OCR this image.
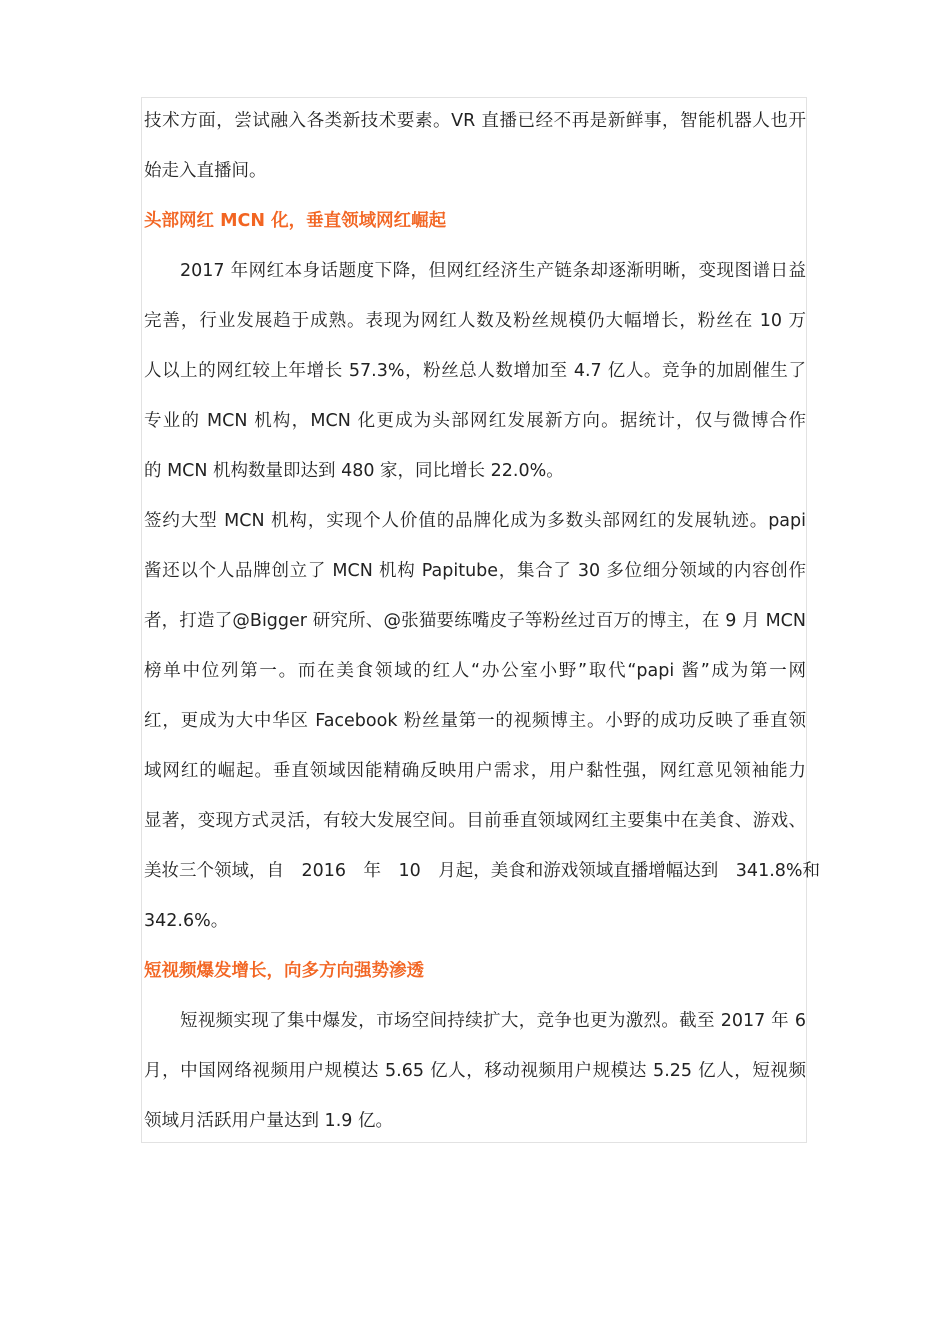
技术方面，尝试融入各类新技术要素。VR 直播已经不再是新鲜事，智能机器人也开
始走入直播间。
头部网红 MCN 化，垂直领域网红崛起
2017 年网红本身话题度下降，但网红经济生产链条却逐渐明晰，变现图谱日益
完善，行业发展趋于成熟。表现为网红人数及粉丝规模仍大幅增长，粉丝在 10 万
人以上的网红较上年增长 57.3%，粉丝总人数增加至 4.7 亿人。竞争的加剧催生了
专业的 MCN 机构，MCN 化更成为头部网红发展新方向。据统计，仅与微博合作
的 MCN 机构数量即达到 480 家，同比增长 22.0%。
签约大型 MCN 机构，实现个人价值的品牌化成为多数头部网红的发展轨迹。papi
酱还以个人品牌创立了 MCN 机构 Papitube，集合了 30 多位细分领域的内容创作
者，打造了@Bigger 研究所、@张猫要练嘴皮子等粉丝过百万的博主，在 9 月 MCN
榜单中位列第一。而在美食领域的红人“办公室小野”取代“papi 酱”成为第一网
红，更成为大中华区 Facebook 粉丝量第一的视频博主。小野的成功反映了垂直领
域网红的崛起。垂直领域因能精确反映用户需求，用户黏性强，网红意见领袖能力
显著，变现方式灵活，有较大发展空间。目前垂直领域网红主要集中在美食、游戏、
美妆三个领域，自　2016　年　10　月起，美食和游戏领域直播增幅达到　341.8%和
342.6%。
短视频爆发增长，向多方向强势渗透
短视频实现了集中爆发，市场空间持续扩大，竞争也更为激烈。截至 2017 年 6
月，中国网络视频用户规模达 5.65 亿人，移动视频用户规模达 5.25 亿人，短视频
领域月活跃用户量达到 1.9 亿。
